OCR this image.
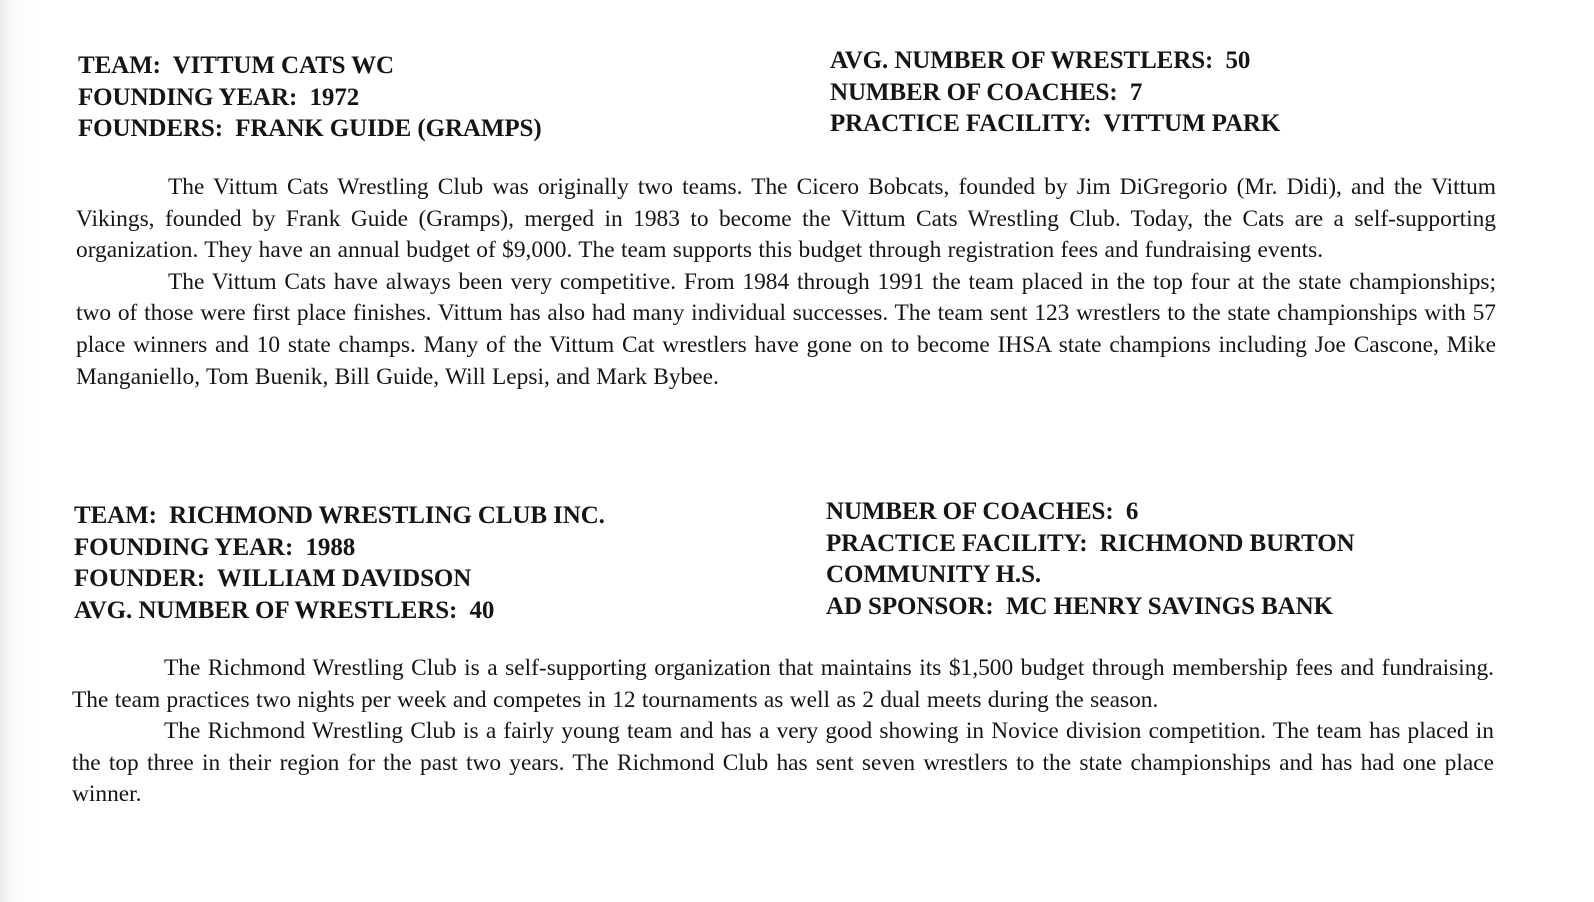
TEAM: VITTUM CATS WC
FOUNDING YEAR: 1972
FOUNDERS: FRANK GUIDE (GRAMPS)
AVG. NUMBER OF WRESTLERS: 50
NUMBER OF COACHES: 7
PRACTICE FACILITY: VITTUM PARK

The Vittum Cats Wrestling Club was originally two teams. The Cicero Bobcats, founded by Jim DiGregorio (Mr. Didi), and the Vittum Vikings, founded by Frank Guide (Gramps), merged in 1983 to become the Vittum Cats Wrestling Club. Today, the Cats are a self-supporting organization. They have an annual budget of $9,000. The team supports this budget through registration fees and fundraising events.

The Vittum Cats have always been very competitive. From 1984 through 1991 the team placed in the top four at the state championships; two of those were first place finishes. Vittum has also had many individual successes. The team sent 123 wrestlers to the state championships with 57 place winners and 10 state champs. Many of the Vittum Cat wrestlers have gone on to become IHSA state champions including Joe Cascone, Mike Manganiello, Tom Buenik, Bill Guide, Will Lepsi, and Mark Bybee.

TEAM: RICHMOND WRESTLING CLUB INC.
FOUNDING YEAR: 1988
FOUNDER: WILLIAM DAVIDSON
AVG. NUMBER OF WRESTLERS: 40
NUMBER OF COACHES: 6
PRACTICE FACILITY: RICHMOND BURTON COMMUNITY H.S.
AD SPONSOR: MC HENRY SAVINGS BANK

The Richmond Wrestling Club is a self-supporting organization that maintains its $1,500 budget through membership fees and fundraising. The team practices two nights per week and competes in 12 tournaments as well as 2 dual meets during the season.

The Richmond Wrestling Club is a fairly young team and has a very good showing in Novice division competition. The team has placed in the top three in their region for the past two years. The Richmond Club has sent seven wrestlers to the state championships and has had one place winner.
